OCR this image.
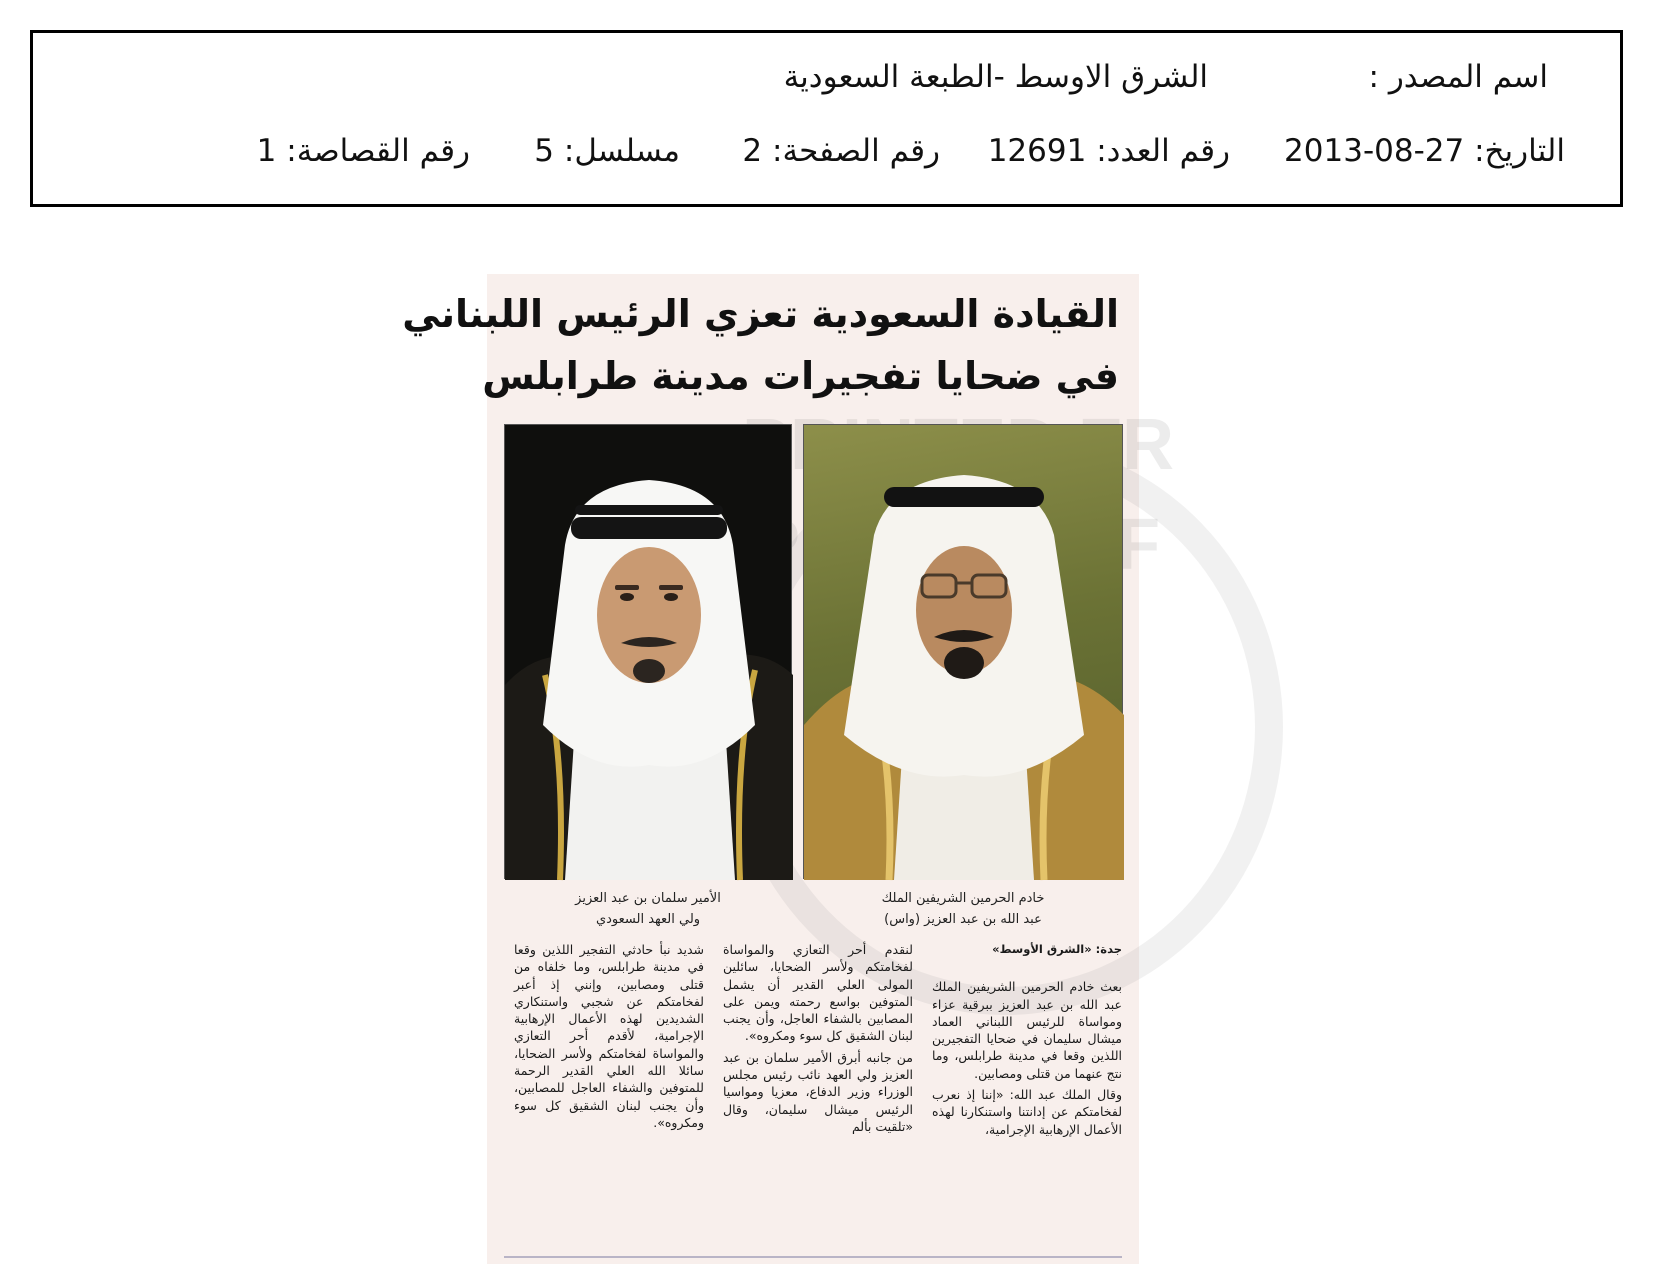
اسم المصدر :
الشرق الاوسط -الطبعة السعودية
التاريخ: 2013-08-27
رقم العدد: 12691
رقم الصفحة: 2
مسلسل: 5
رقم القصاصة: 1
FR
القيادة السعودية تعزي الرئيس اللبناني
في ضحايا تفجيرات مدينة طرابلس
الأمير سلمان بن عبد العزيز
ولي العهد السعودي
خادم الحرمين الشريفين الملك
عبد الله بن عبد العزيز (واس)
جدة: «الشرق الأوسط»

بعث خادم الحرمين الشريفين الملك عبد الله بن عبد العزيز ببرقية عزاء ومواساة للرئيس اللبناني العماد ميشال سليمان في ضحايا التفجيرين اللذين وقعا في مدينة طرابلس، وما نتج عنهما من قتلى ومصابين.

وقال الملك عبد الله: «إننا إذ نعرب لفخامتكم عن إدانتنا واستنكارنا لهذه الأعمال الإرهابية الإجرامية،

لنقدم أحر التعازي والمواساة لفخامتكم ولأسر الضحايا، سائلين المولى العلي القدير أن يشمل المتوفين بواسع رحمته ويمن على المصابين بالشفاء العاجل، وأن يجنب لبنان الشقيق كل سوء ومكروه».

من جانبه أبرق الأمير سلمان بن عبد العزيز ولي العهد نائب رئيس مجلس الوزراء وزير الدفاع، معزيا ومواسيا الرئيس ميشال سليمان، وقال «تلقيت بألم

شديد نبأ حادثي التفجير اللذين وقعا في مدينة طرابلس، وما خلفاه من قتلى ومصابين، وإنني إذ أعبر لفخامتكم عن شجبي واستنكاري الشديدين لهذه الأعمال الإرهابية الإجرامية، لأقدم أحر التعازي والمواساة لفخامتكم ولأسر الضحايا، سائلا الله العلي القدير الرحمة للمتوفين والشفاء العاجل للمصابين، وأن يجنب لبنان الشقيق كل سوء ومكروه».
